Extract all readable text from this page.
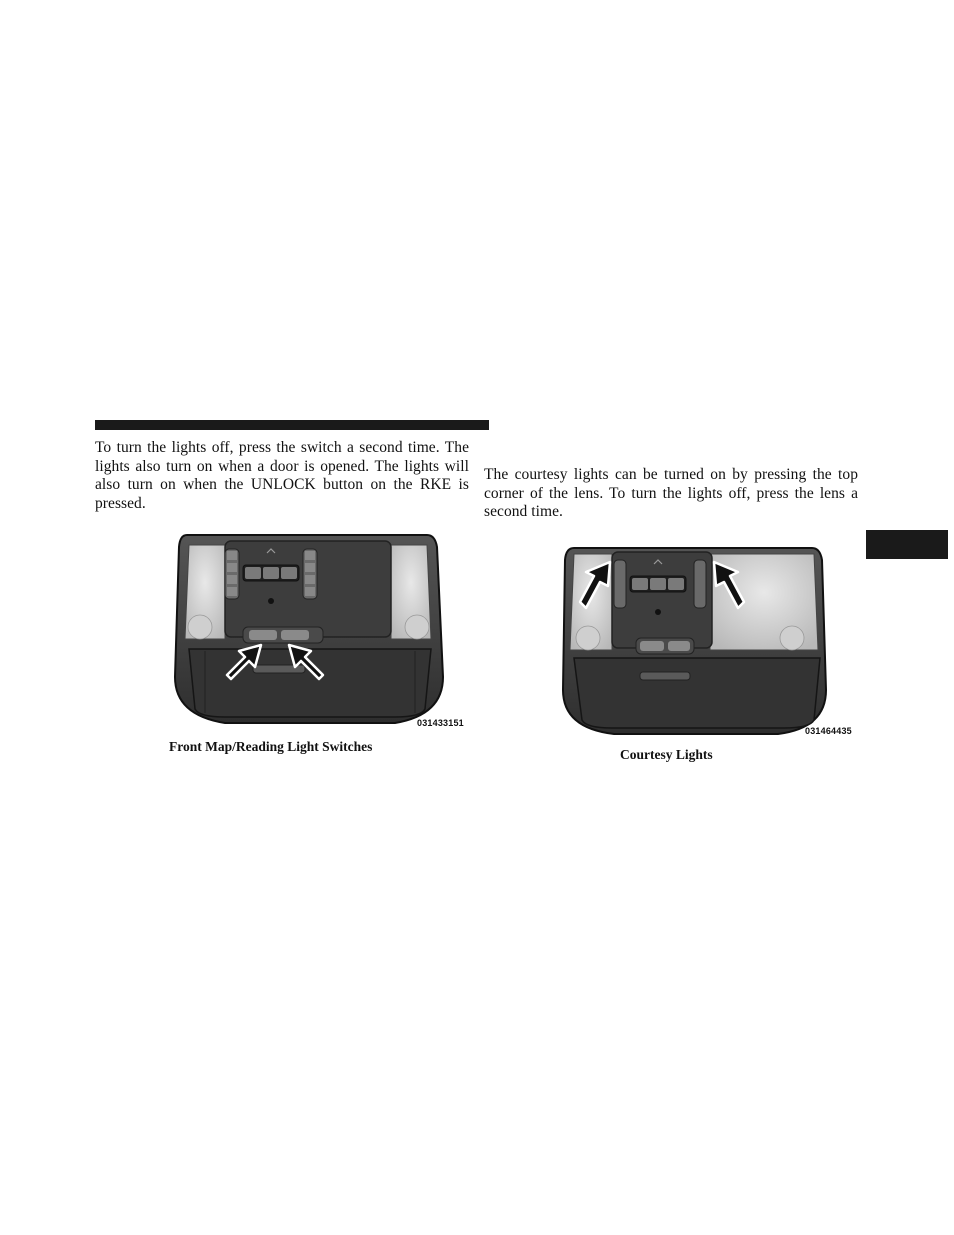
To turn the lights off, press the switch a second time. The lights also turn on when a door is opened. The lights will also turn on when the UNLOCK button on the RKE is pressed.

031433151
Front Map/Reading Light Switches

The courtesy lights can be turned on by pressing the top corner of the lens. To turn the lights off, press the lens a second time.

031464435
Courtesy Lights
